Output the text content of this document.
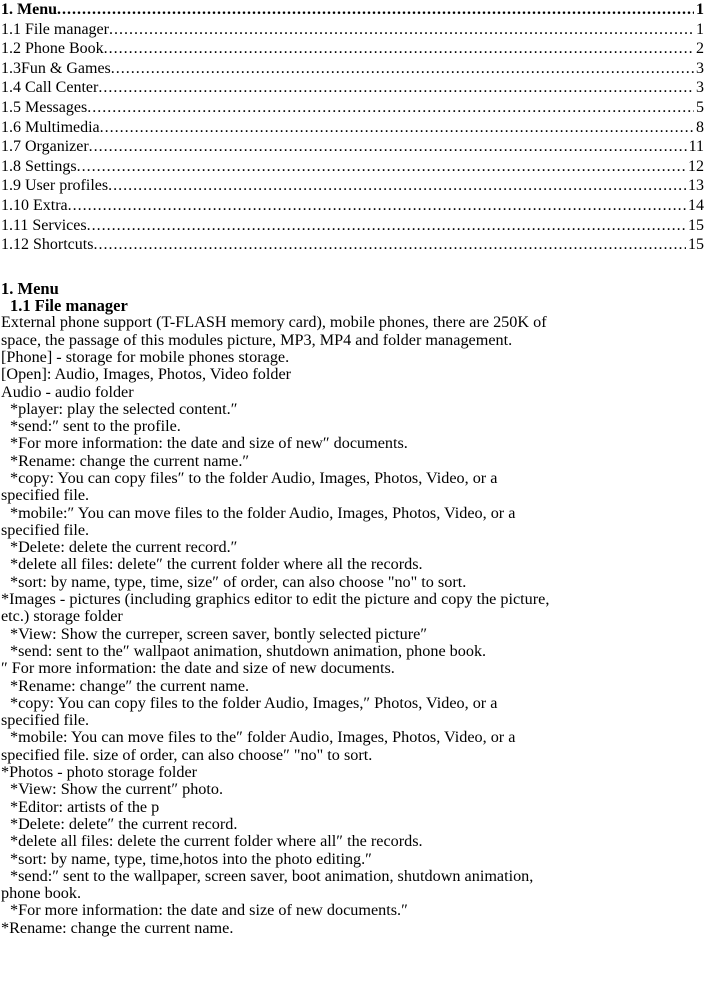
1. Menu .....	1
1.1 File manager .....	1
1.2 Phone Book .....	2
1.3Fun & Games .....	3
1.4 Call Center .....	3
1.5 Messages .....	5
1.6 Multimedia .....	8
1.7 Organizer .....	11
1.8 Settings .....	12
1.9 User profiles .....	13
1.10 Extra .....	14
1.11 Services .....	15
1.12 Shortcuts .....	15
1. Menu
1.1 File manager
External phone support (T-FLASH memory card), mobile phones, there are 250K of
space, the passage of this modules picture, MP3, MP4 and folder management.
[Phone] - storage for mobile phones storage.
[Open]: Audio, Images, Photos, Video folder
Audio - audio folder
*player: play the selected content.″
*send:″ sent to the profile.
*For more information: the date and size of new″ documents.
*Rename: change the current name.″
*copy: You can copy files″ to the folder Audio, Images, Photos, Video, or a
specified file.
*mobile:″ You can move files to the folder Audio, Images, Photos, Video, or a
specified file.
*Delete: delete the current record.″
*delete all files: delete″ the current folder where all the records.
*sort: by name, type, time, size″ of order, can also choose "no" to sort.
*Images - pictures (including graphics editor to edit the picture and copy the picture,
etc.) storage folder
*View: Show the curreper, screen saver, bontly selected picture″
*send: sent to the″ wallpaot animation, shutdown animation, phone book.
″ For more information: the date and size of new documents.
*Rename: change″ the current name.
*copy: You can copy files to the folder Audio, Images,″ Photos, Video, or a
specified file.
*mobile: You can move files to the″ folder Audio, Images, Photos, Video, or a
specified file. size of order, can also choose″ "no" to sort.
*Photos - photo storage folder
*View: Show the current″ photo.
*Editor: artists of the p
*Delete: delete″ the current record.
*delete all files: delete the current folder where all″ the records.
*sort: by name, type, time,hotos into the photo editing.″
*send:″ sent to the wallpaper, screen saver, boot animation, shutdown animation,
phone book.
*For more information: the date and size of new documents.″
*Rename: change the current name.
